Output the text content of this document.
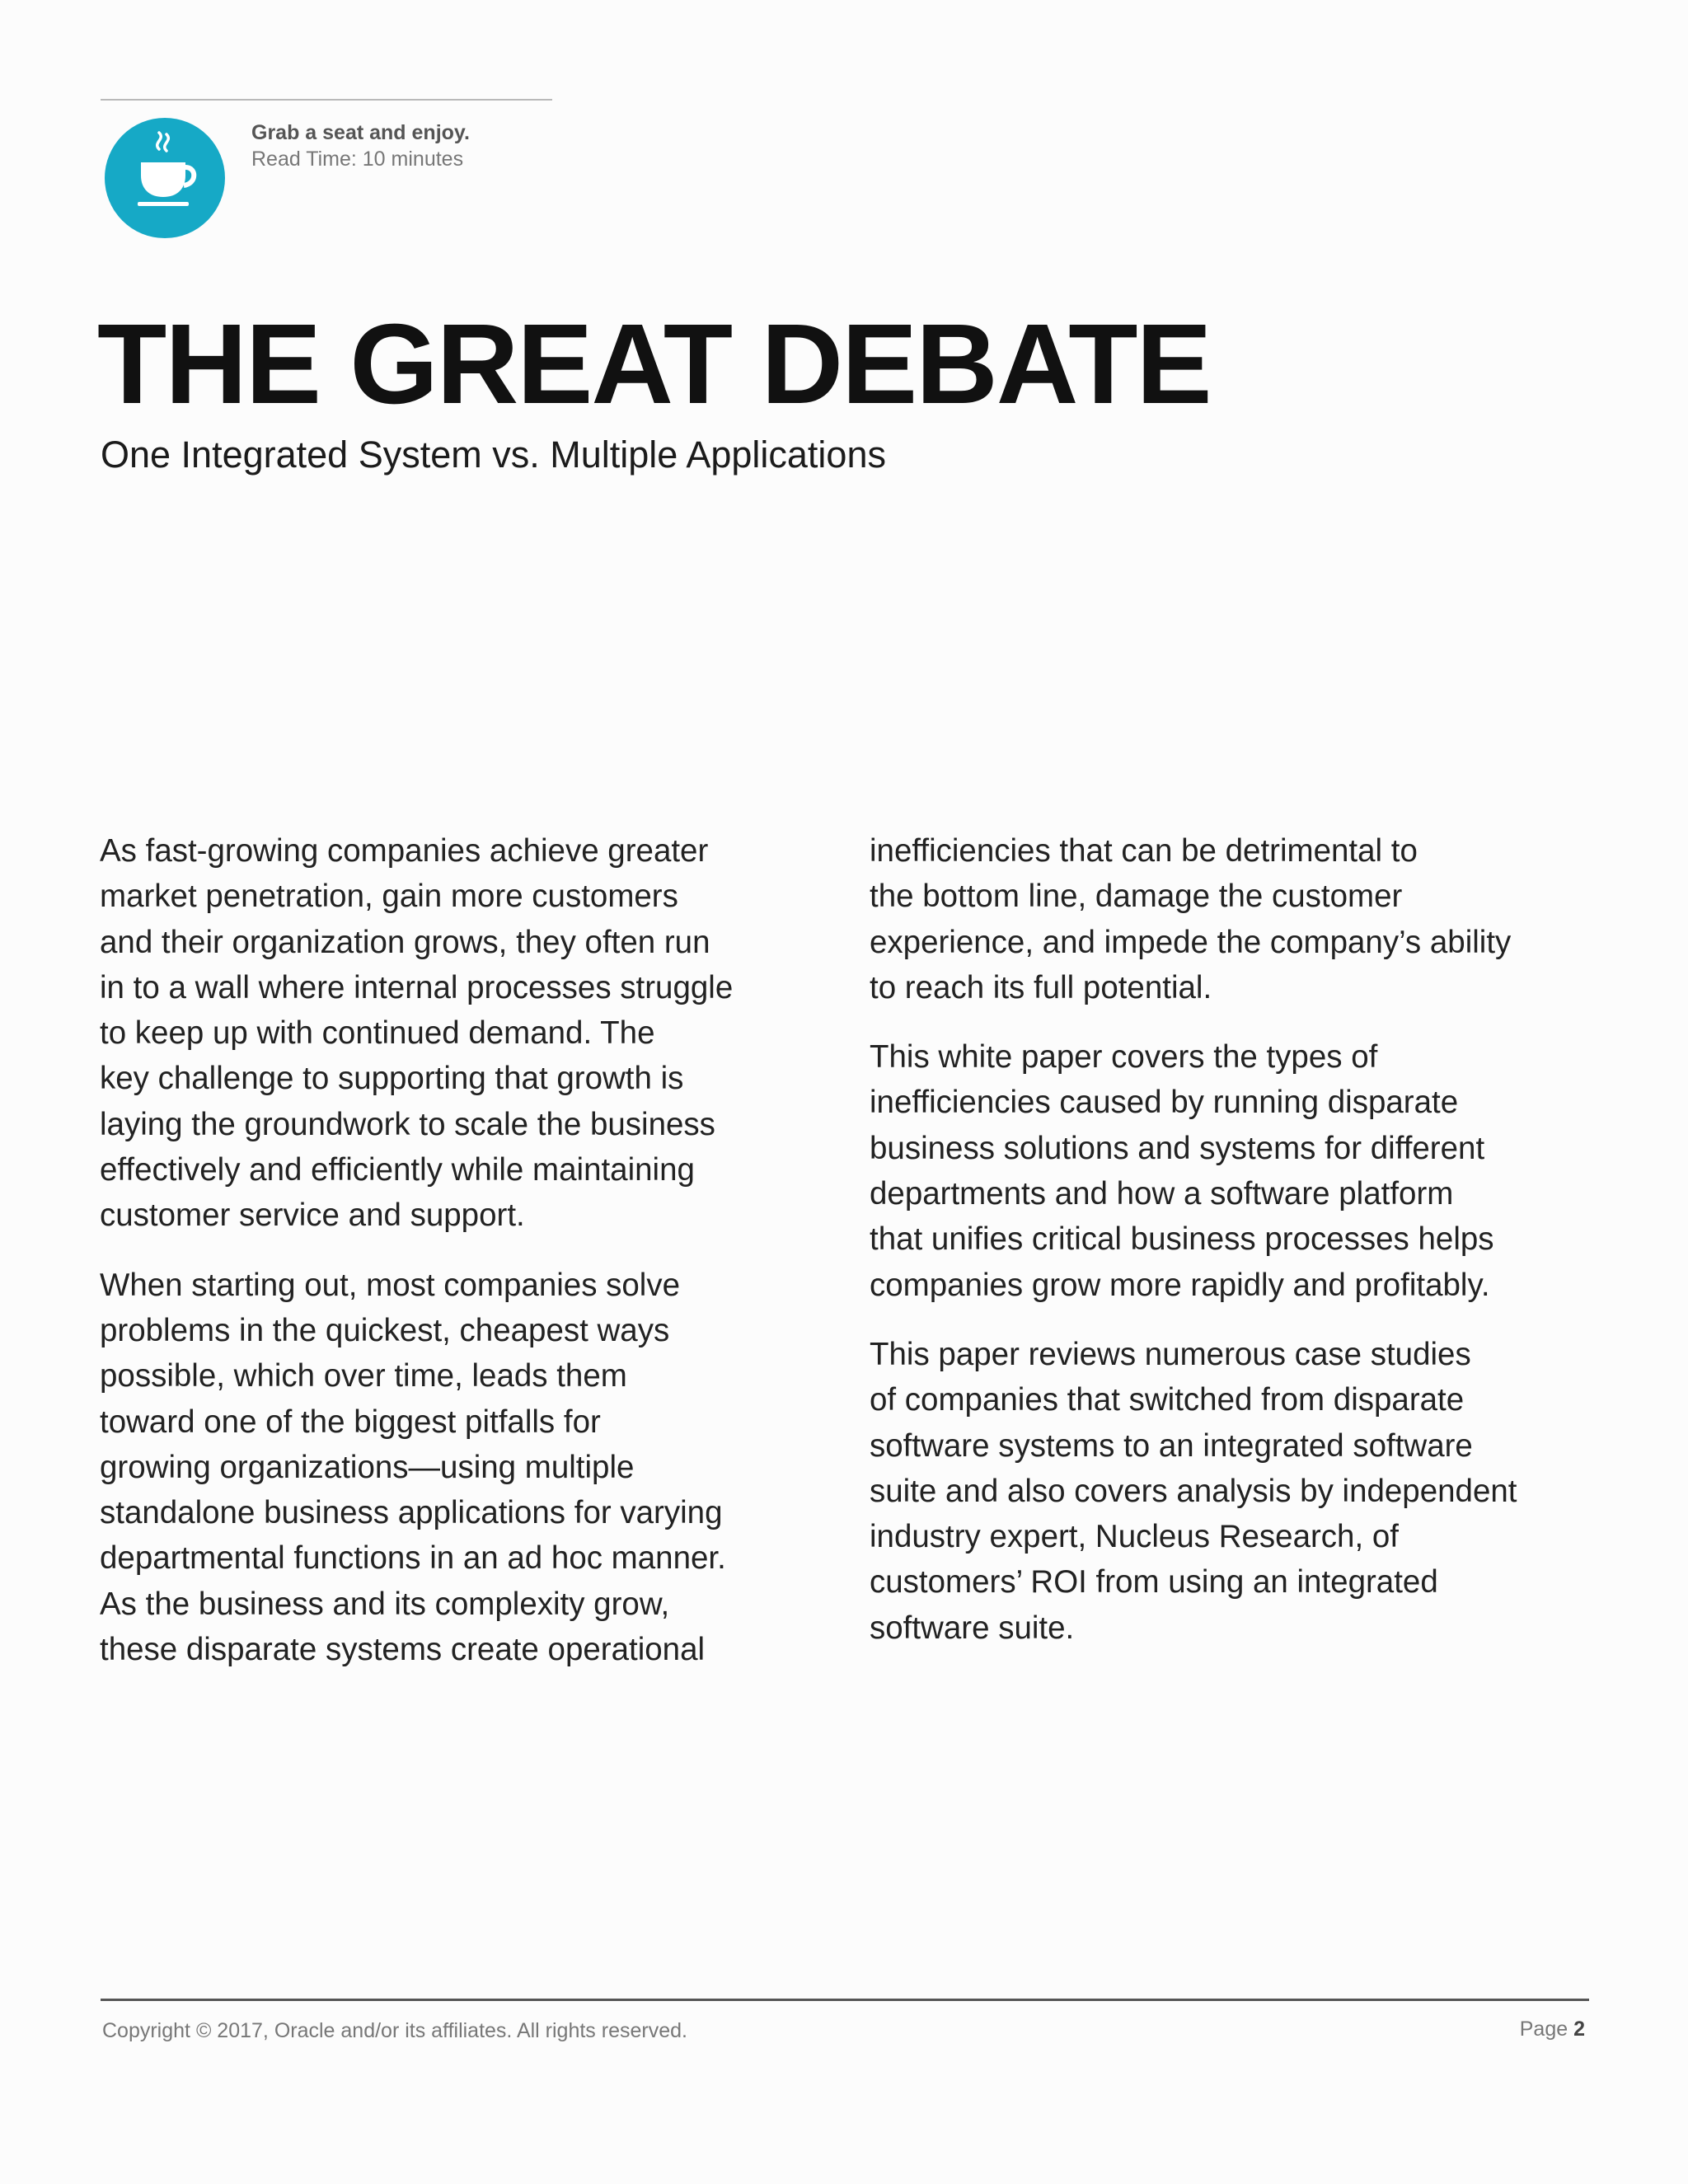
Grab a seat and enjoy.
Read Time: 10 minutes
THE GREAT DEBATE
One Integrated System vs. Multiple Applications

As fast-growing companies achieve greater
market penetration, gain more customers
and their organization grows, they often run
in to a wall where internal processes struggle
to keep up with continued demand. The
key challenge to supporting that growth is
laying the groundwork to scale the business
effectively and efficiently while maintaining
customer service and support.

When starting out, most companies solve
problems in the quickest, cheapest ways
possible, which over time, leads them
toward one of the biggest pitfalls for
growing organizations—using multiple
standalone business applications for varying
departmental functions in an ad hoc manner.
As the business and its complexity grow,
these disparate systems create operational

inefficiencies that can be detrimental to
the bottom line, damage the customer
experience, and impede the company’s ability
to reach its full potential.

This white paper covers the types of
inefficiencies caused by running disparate
business solutions and systems for different
departments and how a software platform
that unifies critical business processes helps
companies grow more rapidly and profitably.

This paper reviews numerous case studies
of companies that switched from disparate
software systems to an integrated software
suite and also covers analysis by independent
industry expert, Nucleus Research, of
customers’ ROI from using an integrated
software suite.

Copyright © 2017, Oracle and/or its affiliates. All rights reserved.	Page 2
